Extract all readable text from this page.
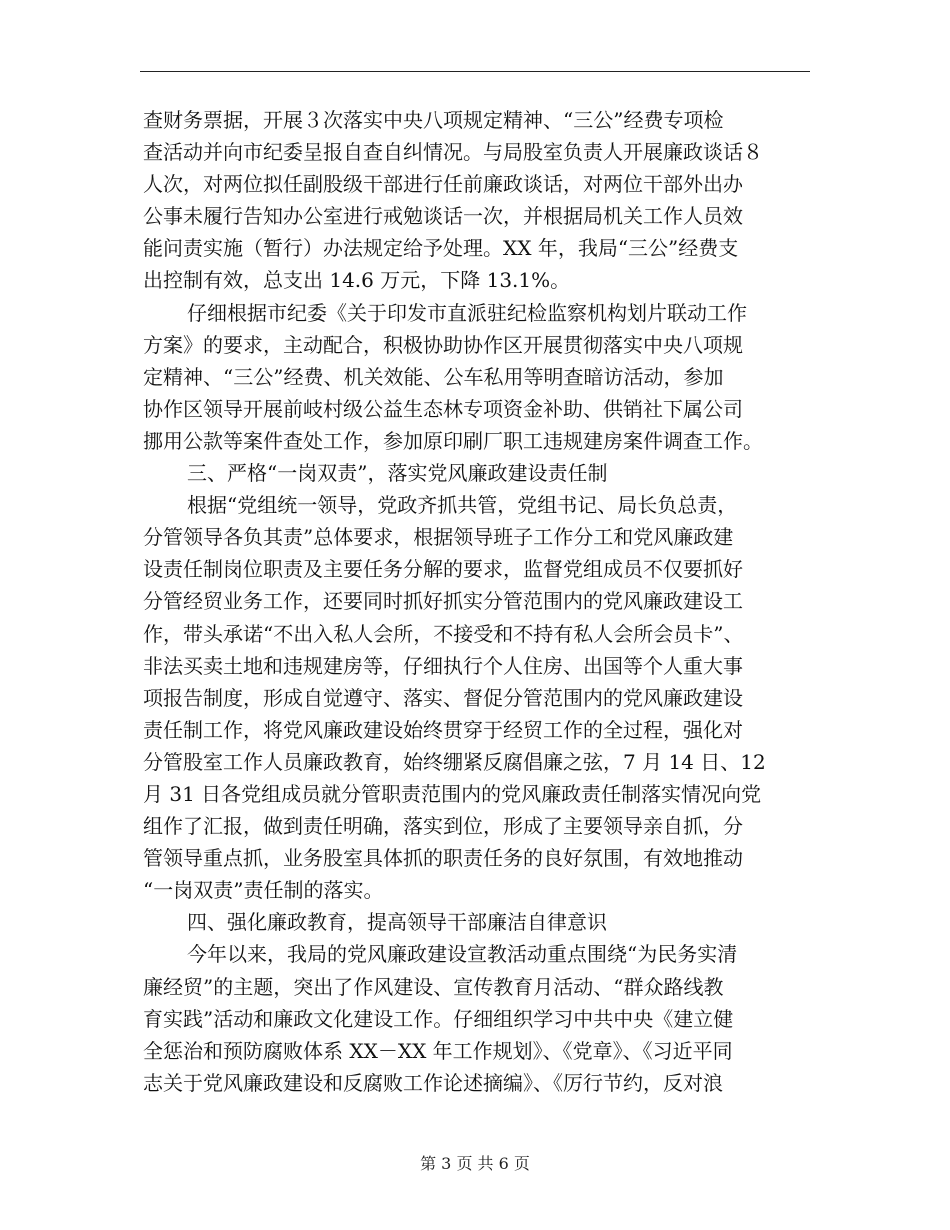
查财务票据，开展３次落实中央八项规定精神、“三公”经费专项检
查活动并向市纪委呈报自查自纠情况。与局股室负责人开展廉政谈话８
人次，对两位拟任副股级干部进行任前廉政谈话，对两位干部外出办
公事未履行告知办公室进行戒勉谈话一次，并根据局机关工作人员效
能问责实施（暂行）办法规定给予处理。XX 年，我局“三公”经费支
出控制有效，总支出 14.6 万元，下降 13.1%。
仔细根据市纪委《关于印发市直派驻纪检监察机构划片联动工作
方案》的要求，主动配合，积极协助协作区开展贯彻落实中央八项规
定精神、“三公”经费、机关效能、公车私用等明查暗访活动，参加
协作区领导开展前岐村级公益生态林专项资金补助、供销社下属公司
挪用公款等案件查处工作，参加原印刷厂职工违规建房案件调查工作。
三、严格“一岗双责”，落实党风廉政建设责任制
根据“党组统一领导，党政齐抓共管，党组书记、局长负总责，
分管领导各负其责”总体要求，根据领导班子工作分工和党风廉政建
设责任制岗位职责及主要任务分解的要求，监督党组成员不仅要抓好
分管经贸业务工作，还要同时抓好抓实分管范围内的党风廉政建设工
作，带头承诺“不出入私人会所，不接受和不持有私人会所会员卡”、
非法买卖土地和违规建房等，仔细执行个人住房、出国等个人重大事
项报告制度，形成自觉遵守、落实、督促分管范围内的党风廉政建设
责任制工作，将党风廉政建设始终贯穿于经贸工作的全过程，强化对
分管股室工作人员廉政教育，始终绷紧反腐倡廉之弦，7 月 14 日、12
月 31 日各党组成员就分管职责范围内的党风廉政责任制落实情况向党
组作了汇报，做到责任明确，落实到位，形成了主要领导亲自抓，分
管领导重点抓，业务股室具体抓的职责任务的良好氛围，有效地推动
“一岗双责”责任制的落实。
四、强化廉政教育，提高领导干部廉洁自律意识
今年以来，我局的党风廉政建设宣教活动重点围绕“为民务实清
廉经贸”的主题，突出了作风建设、宣传教育月活动、“群众路线教
育实践”活动和廉政文化建设工作。仔细组织学习中共中央《建立健
全惩治和预防腐败体系 XX－XX 年工作规划》、《党章》、《习近平同
志关于党风廉政建设和反腐败工作论述摘编》、《厉行节约，反对浪
第 3 页 共 6 页
